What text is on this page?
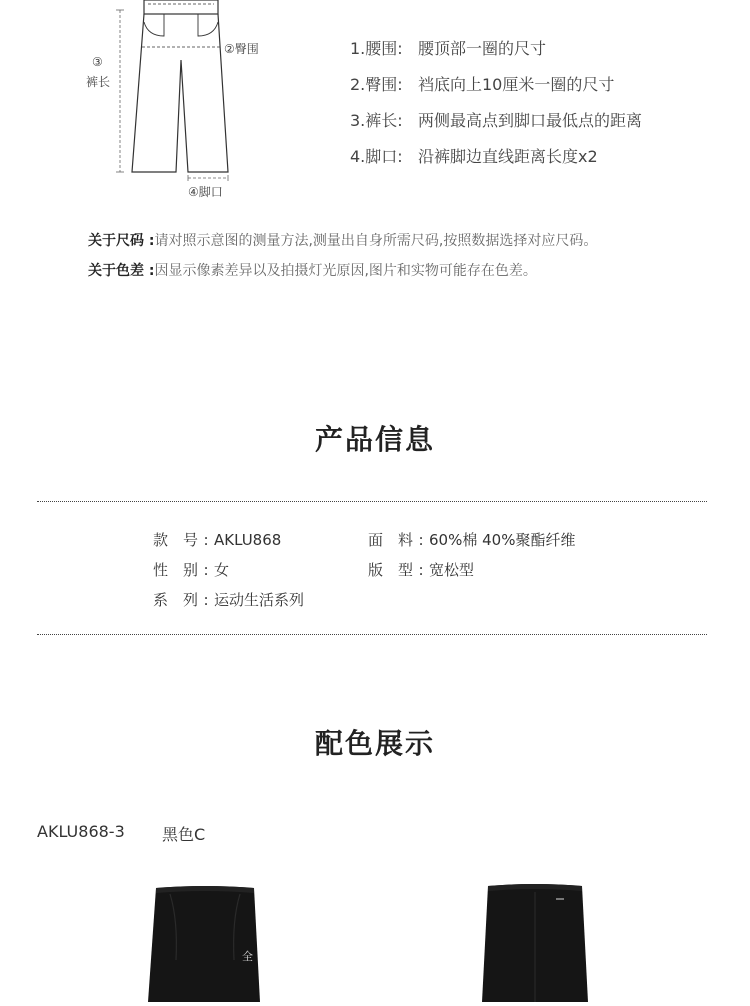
②臀围
③
裤长
④脚口
1.腰围: 腰顶部一圈的尺寸
2.臀围: 裆底向上10厘米一圈的尺寸
3.裤长: 两侧最高点到脚口最低点的距离
4.脚口: 沿裤脚边直线距离长度x2
关于尺码 :请对照示意图的测量方法,测量出自身所需尺码,按照数据选择对应尺码。
关于色差 :因显示像素差异以及拍摄灯光原因,图片和实物可能存在色差。
产品信息
款号 : AKLU868	面料 : 60%棉 40%聚酯纤维
性别 : 女	版型 : 宽松型
系列 : 运动生活系列
配色展示
AKLU868-3 黑色C
全
